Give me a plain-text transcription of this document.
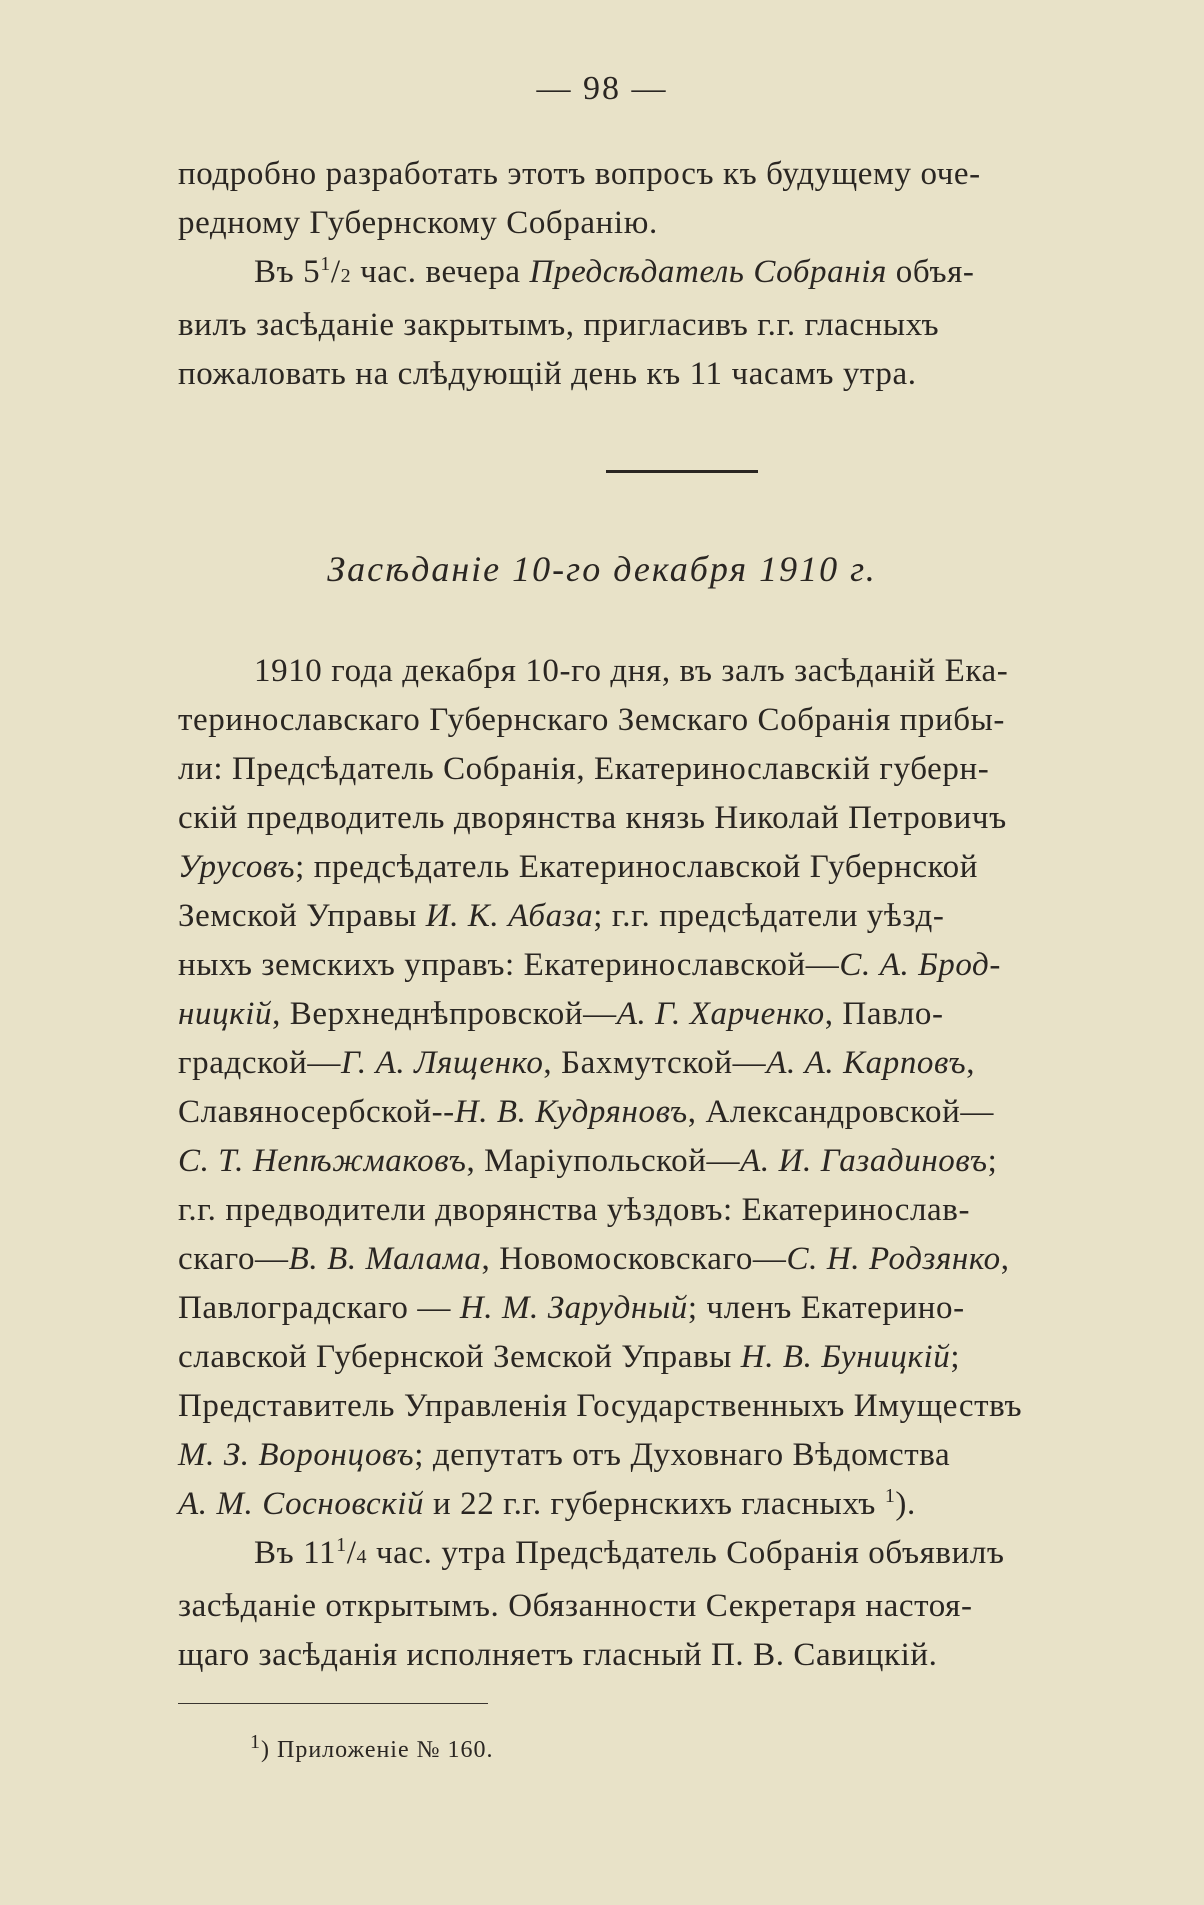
— 98 —

подробно разработать этотъ вопросъ къ будущему оче-

редному Губернскому Собранію.

Въ $5^1/2$ час. вечера Предсѣдатель Собранія объя-

вилъ засѣданіе закрытымъ, пригласивъ г.г. гласныхъ

пожаловать на слѣдующій день къ 11 часамъ утра.

Засѣданіе 10-го декабря 1910 г.

1910 года декабря 10-го дня, въ залъ засѣданій Ека-

теринославскаго Губернскаго Земскаго Собранія прибы-

ли: Предсѣдатель Собранія, Екатеринославскій губерн-

скій предводитель дворянства князь Николай Петровичъ

Урусовъ; предсѣдатель Екатеринославской Губернской

Земской Управы И. К. Абаза; г.г. предсѣдатели уѣзд-

ныхъ земскихъ управъ: Екатеринославской—С. А. Брод-

ницкій, Верхнеднѣпровской—А. Г. Харченко, Павло-

градской—Г. А. Лященко, Бахмутской—А. А. Карповъ,

Славяносербской--Н. В. Кудряновъ, Александровской—

С. Т. Непѣжмаковъ, Маріупольской—А. И. Газадиновъ;

г.г. предводители дворянства уѣздовъ: Екатеринослав-

скаго—В. В. Малама, Новомосковскаго—С. Н. Родзянко,

Павлоградскаго — Н. М. Зарудный; членъ Екатерино-

славской Губернской Земской Управы Н. В. Буницкій;

Представитель Управленія Государственныхъ Имуществъ

М. З. Воронцовъ; депутатъ отъ Духовнаго Вѣдомства

А. М. Сосновскій и 22 г.г. губернскихъ гласныхъ $^1$).

Въ $11^1/4$ час. утра Предсѣдатель Собранія объявилъ

засѣданіе открытымъ. Обязанности Секретаря настоя-

щаго засѣданія исполняетъ гласный П. В. Савицкій.

$^1$) Приложеніе № 160.
